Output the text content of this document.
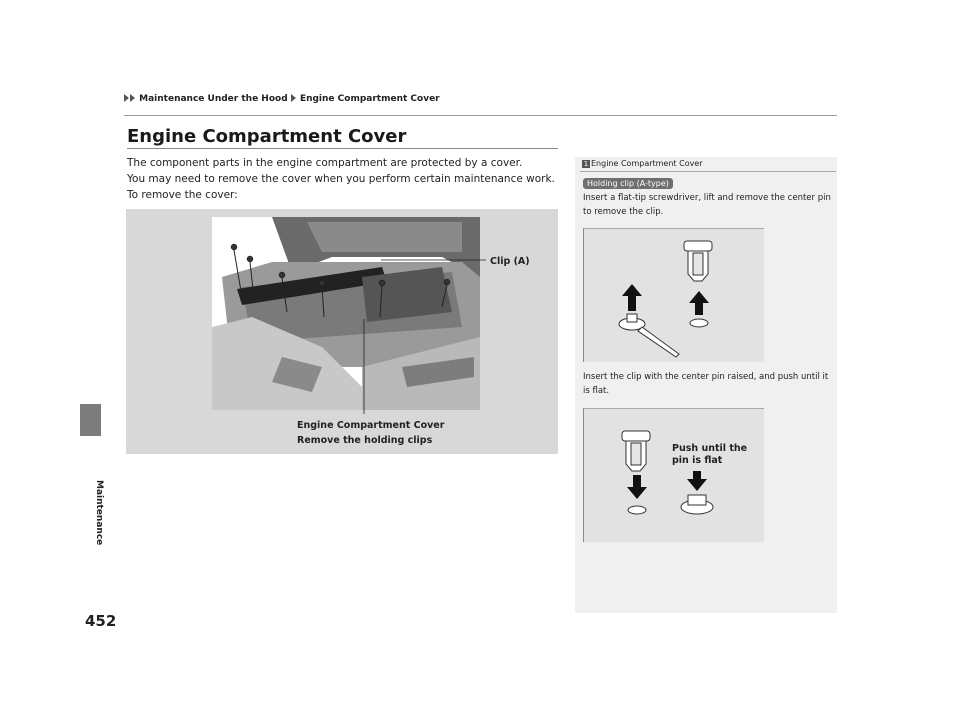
Maintenance Under the Hood Engine Compartment Cover
Maintenance
452
Engine Compartment Cover
The component parts in the engine compartment are protected by a cover.
You may need to remove the cover when you perform certain maintenance work.
To remove the cover:
Clip (A)
Engine Compartment Cover
Remove the holding clips
1 Engine Compartment Cover
Holding clip (A-type)
Insert a flat-tip screwdriver, lift and remove the center pin to remove the clip.
Insert the clip with the center pin raised, and push until it is flat.
Push until the
pin is flat
